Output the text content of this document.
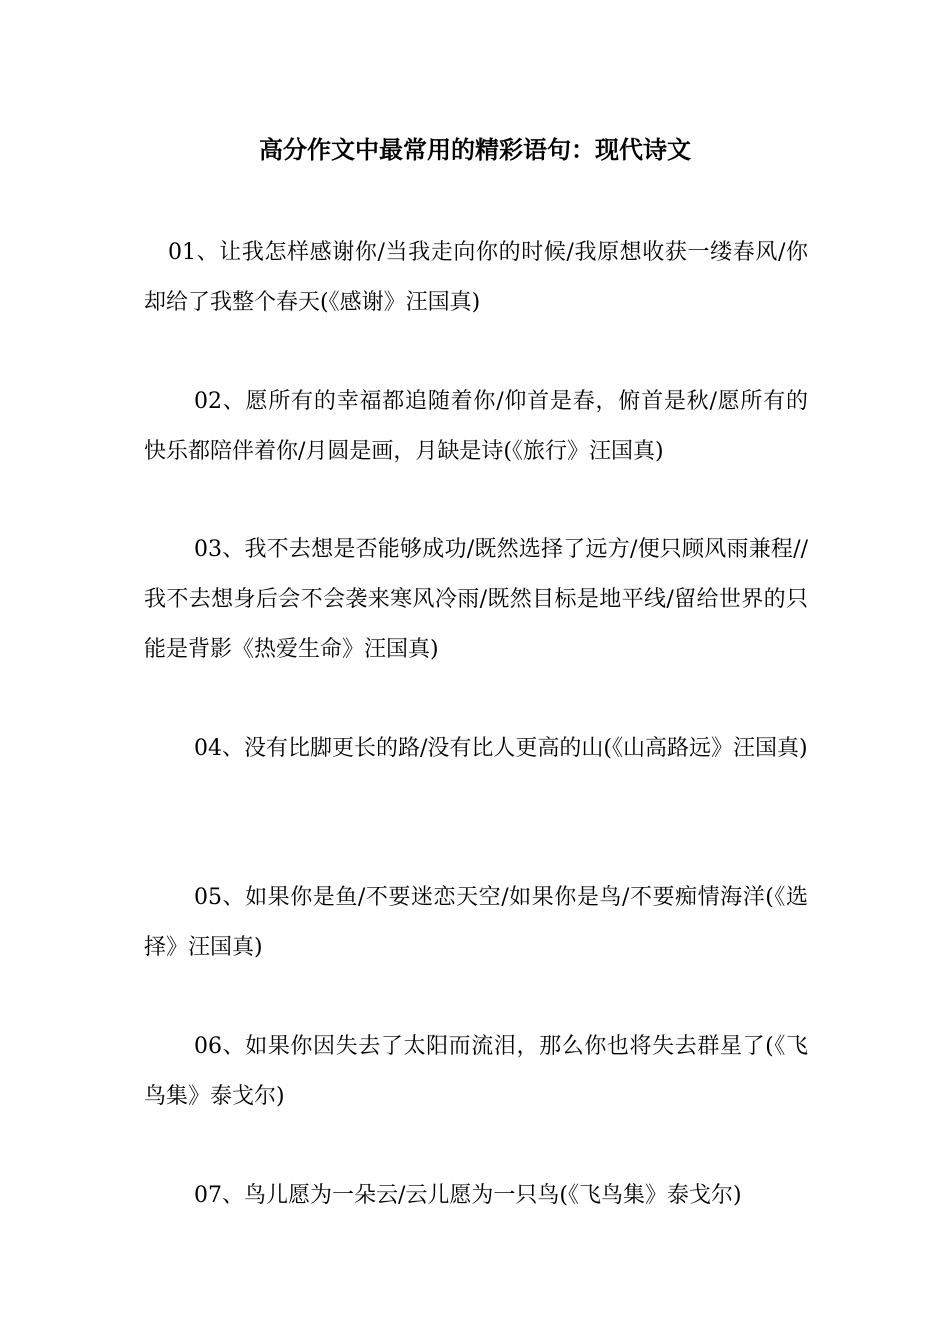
高分作文中最常用的精彩语句：现代诗文

01、让我怎样感谢你/当我走向你的时候/我原想收获一缕春风/你却给了我整个春天(《感谢》汪国真)

02、愿所有的幸福都追随着你/仰首是春，俯首是秋/愿所有的快乐都陪伴着你/月圆是画，月缺是诗(《旅行》汪国真)

03、我不去想是否能够成功/既然选择了远方/便只顾风雨兼程//我不去想身后会不会袭来寒风冷雨/既然目标是地平线/留给世界的只能是背影《热爱生命》汪国真)

04、没有比脚更长的路/没有比人更高的山(《山高路远》汪国真)

05、如果你是鱼/不要迷恋天空/如果你是鸟/不要痴情海洋(《选择》汪国真)

06、如果你因失去了太阳而流泪，那么你也将失去群星了(《飞鸟集》泰戈尔)

07、鸟儿愿为一朵云/云儿愿为一只鸟(《飞鸟集》泰戈尔)
